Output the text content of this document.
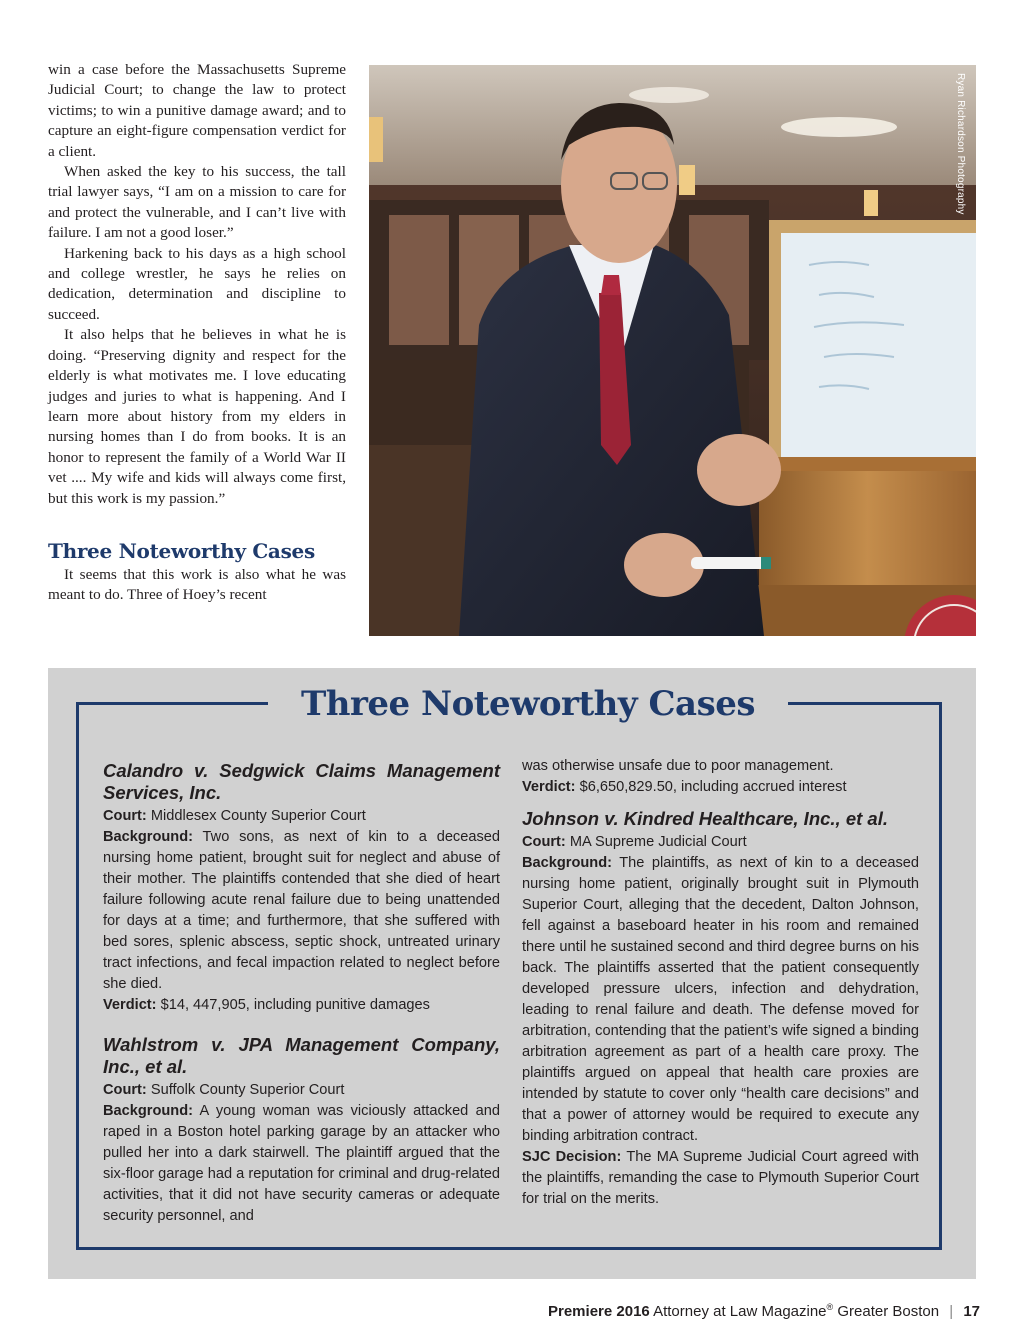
win a case before the Massachusetts Supreme Judicial Court; to change the law to protect victims; to win a punitive damage award; and to capture an eight-figure compensation verdict for a client.

When asked the key to his success, the tall trial lawyer says, “I am on a mission to care for and protect the vulnerable, and I can’t live with failure. I am not a good loser.”

Harkening back to his days as a high school and college wrestler, he says he relies on dedication, determination and discipline to succeed.

It also helps that he believes in what he is doing. “Preserving dignity and respect for the elderly is what motivates me. I love educating judges and juries to what is happening. And I learn more about history from my elders in nursing homes than I do from books. It is an honor to represent the family of a World War II vet .... My wife and kids will always come first, but this work is my passion.”

Three Noteworthy Cases

It seems that this work is also what he was meant to do. Three of Hoey’s recent

Ryan Richardson Photography
Three Noteworthy Cases
Calandro v. Sedgwick Claims Management Services, Inc.

Court: Middlesex County Superior Court

Background: Two sons, as next of kin to a deceased nursing home patient, brought suit for neglect and abuse of their mother. The plaintiffs contended that she died of heart failure following acute renal failure due to being unattended for days at a time; and furthermore, that she suffered with bed sores, splenic abscess, septic shock, untreated urinary tract infections, and fecal impaction related to neglect before she died.

Verdict: $14, 447,905, including punitive damages

Wahlstrom v. JPA Management Company, Inc., et al.

Court: Suffolk County Superior Court

Background: A young woman was viciously attacked and raped in a Boston hotel parking garage by an attacker who pulled her into a dark stairwell. The plaintiff argued that the six-floor garage had a reputation for criminal and drug-related activities, that it did not have security cameras or adequate security personnel, and

was otherwise unsafe due to poor management.

Verdict: $6,650,829.50, including accrued interest

Johnson v. Kindred Healthcare, Inc., et al.

Court: MA Supreme Judicial Court

Background: The plaintiffs, as next of kin to a deceased nursing home patient, originally brought suit in Plymouth Superior Court, alleging that the decedent, Dalton Johnson, fell against a baseboard heater in his room and remained there until he sustained second and third degree burns on his back. The plaintiffs asserted that the patient consequently developed pressure ulcers, infection and dehydration, leading to renal failure and death. The defense moved for arbitration, contending that the patient’s wife signed a binding arbitration agreement as part of a health care proxy. The plaintiffs argued on appeal that health care proxies are intended by statute to cover only “health care decisions” and that a power of attorney would be required to execute any binding arbitration contract.

SJC Decision: The MA Supreme Judicial Court agreed with the plaintiffs, remanding the case to Plymouth Superior Court for trial on the merits.

Premiere 2016 Attorney at Law Magazine® Greater Boston | 17
